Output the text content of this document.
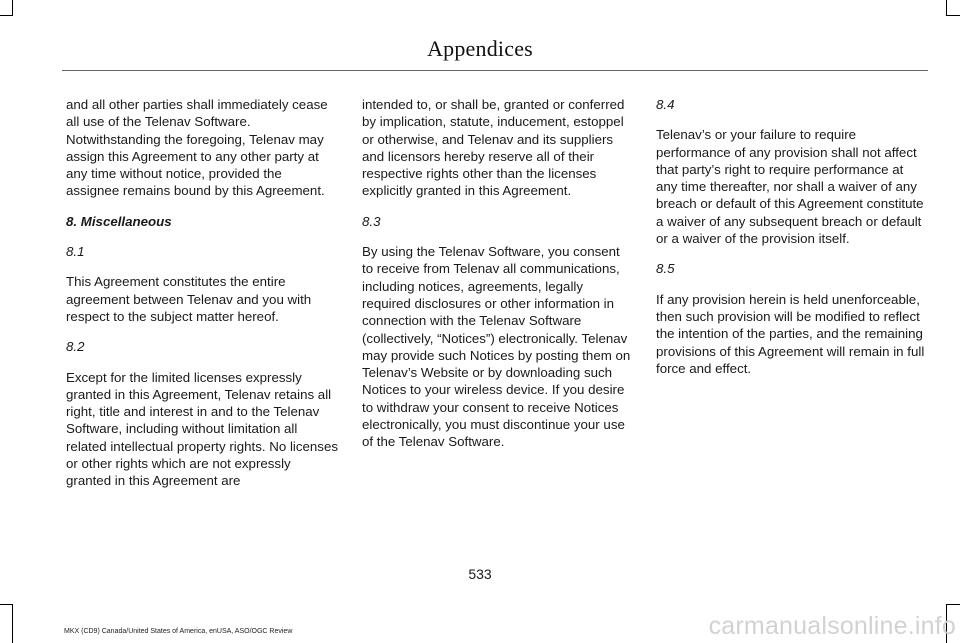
Appendices

and all other parties shall immediately cease all use of the Telenav Software. Notwithstanding the foregoing, Telenav may assign this Agreement to any other party at any time without notice, provided the assignee remains bound by this Agreement.

8. Miscellaneous

8.1

This Agreement constitutes the entire agreement between Telenav and you with respect to the subject matter hereof.

8.2

Except for the limited licenses expressly granted in this Agreement, Telenav retains all right, title and interest in and to the Telenav Software, including without limitation all related intellectual property rights. No licenses or other rights which are not expressly granted in this Agreement are

intended to, or shall be, granted or conferred by implication, statute, inducement, estoppel or otherwise, and Telenav and its suppliers and licensors hereby reserve all of their respective rights other than the licenses explicitly granted in this Agreement.

8.3

By using the Telenav Software, you consent to receive from Telenav all communications, including notices, agreements, legally required disclosures or other information in connection with the Telenav Software (collectively, “Notices”) electronically. Telenav may provide such Notices by posting them on Telenav’s Website or by downloading such Notices to your wireless device. If you desire to withdraw your consent to receive Notices electronically, you must discontinue your use of the Telenav Software.

8.4

Telenav’s or your failure to require performance of any provision shall not affect that party’s right to require performance at any time thereafter, nor shall a waiver of any breach or default of this Agreement constitute a waiver of any subsequent breach or default or a waiver of the provision itself.

8.5

If any provision herein is held unenforceable, then such provision will be modified to reflect the intention of the parties, and the remaining provisions of this Agreement will remain in full force and effect.

533
MKX (CD9) Canada/United States of America, enUSA, ASO/OGC Review	carmanualsonline.info
